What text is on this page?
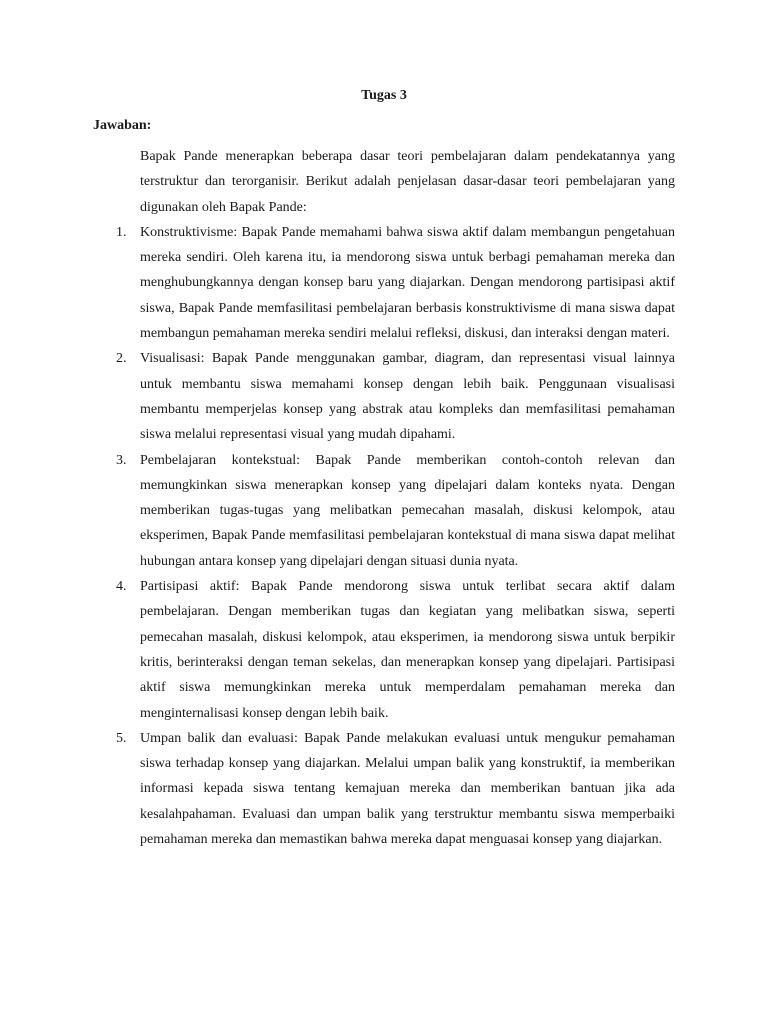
Tugas 3
Jawaban:

Bapak Pande menerapkan beberapa dasar teori pembelajaran dalam pendekatannya yang terstruktur dan terorganisir. Berikut adalah penjelasan dasar-dasar teori pembelajaran yang digunakan oleh Bapak Pande:

1. Konstruktivisme: Bapak Pande memahami bahwa siswa aktif dalam membangun pengetahuan mereka sendiri. Oleh karena itu, ia mendorong siswa untuk berbagi pemahaman mereka dan menghubungkannya dengan konsep baru yang diajarkan. Dengan mendorong partisipasi aktif siswa, Bapak Pande memfasilitasi pembelajaran berbasis konstruktivisme di mana siswa dapat membangun pemahaman mereka sendiri melalui refleksi, diskusi, dan interaksi dengan materi.
2. Visualisasi: Bapak Pande menggunakan gambar, diagram, dan representasi visual lainnya untuk membantu siswa memahami konsep dengan lebih baik. Penggunaan visualisasi membantu memperjelas konsep yang abstrak atau kompleks dan memfasilitasi pemahaman siswa melalui representasi visual yang mudah dipahami.
3. Pembelajaran kontekstual: Bapak Pande memberikan contoh-contoh relevan dan memungkinkan siswa menerapkan konsep yang dipelajari dalam konteks nyata. Dengan memberikan tugas-tugas yang melibatkan pemecahan masalah, diskusi kelompok, atau eksperimen, Bapak Pande memfasilitasi pembelajaran kontekstual di mana siswa dapat melihat hubungan antara konsep yang dipelajari dengan situasi dunia nyata.
4. Partisipasi aktif: Bapak Pande mendorong siswa untuk terlibat secara aktif dalam pembelajaran. Dengan memberikan tugas dan kegiatan yang melibatkan siswa, seperti pemecahan masalah, diskusi kelompok, atau eksperimen, ia mendorong siswa untuk berpikir kritis, berinteraksi dengan teman sekelas, dan menerapkan konsep yang dipelajari. Partisipasi aktif siswa memungkinkan mereka untuk memperdalam pemahaman mereka dan menginternalisasi konsep dengan lebih baik.
5. Umpan balik dan evaluasi: Bapak Pande melakukan evaluasi untuk mengukur pemahaman siswa terhadap konsep yang diajarkan. Melalui umpan balik yang konstruktif, ia memberikan informasi kepada siswa tentang kemajuan mereka dan memberikan bantuan jika ada kesalahpahaman. Evaluasi dan umpan balik yang terstruktur membantu siswa memperbaiki pemahaman mereka dan memastikan bahwa mereka dapat menguasai konsep yang diajarkan.
